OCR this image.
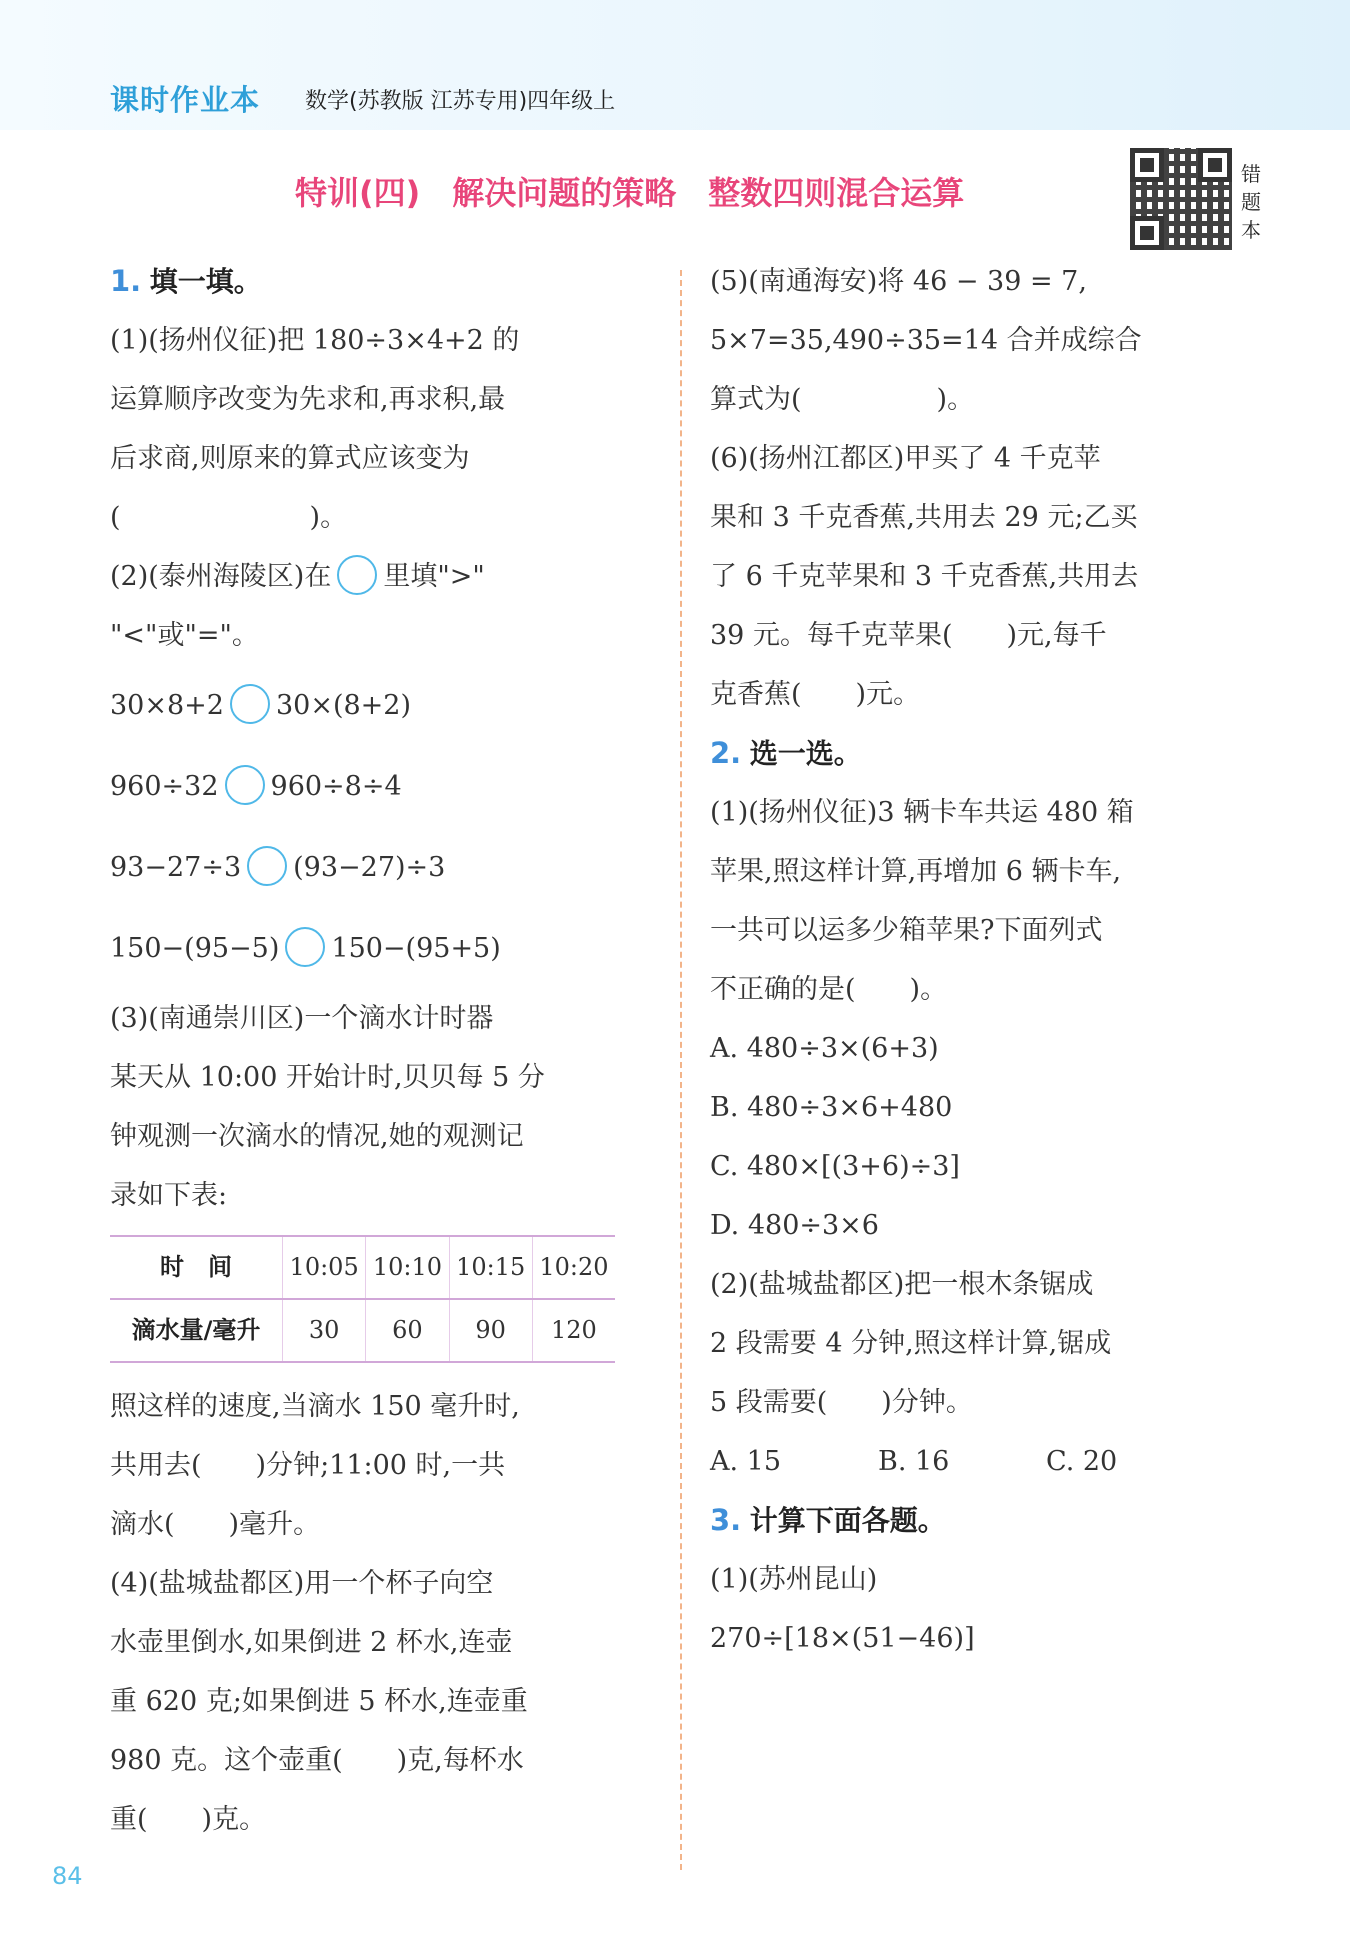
课时作业本 数学(苏教版 江苏专用)四年级上
特训(四)　解决问题的策略　整数四则混合运算	错
题
本
1. 填一填。
(1)(扬州仪征)把 180÷3×4+2 的
运算顺序改变为先求和,再求积,最
后求商,则原来的算式应该变为
(　　　　　　　)。
(2)(泰州海陵区)在 里填">"
"<"或"="。
30×8+2 30×(8+2)
960÷32 960÷8÷4
93−27÷3 (93−27)÷3
150−(95−5) 150−(95+5)
(3)(南通崇川区)一个滴水计时器
某天从 10:00 开始计时,贝贝每 5 分
钟观测一次滴水的情况,她的观测记
录如下表:
时　间	10:05	10:10	10:15	10:20
滴水量/毫升	30	60	90	120
照这样的速度,当滴水 150 毫升时,
共用去(　　)分钟;11:00 时,一共
滴水(　　)毫升。
(4)(盐城盐都区)用一个杯子向空
水壶里倒水,如果倒进 2 杯水,连壶
重 620 克;如果倒进 5 杯水,连壶重
980 克。这个壶重(　　)克,每杯水
重(　　)克。
(5)(南通海安)将 46 − 39 = 7,
5×7=35,490÷35=14 合并成综合
算式为(　　　　　)。
(6)(扬州江都区)甲买了 4 千克苹
果和 3 千克香蕉,共用去 29 元;乙买
了 6 千克苹果和 3 千克香蕉,共用去
39 元。每千克苹果(　　)元,每千
克香蕉(　　)元。
2. 选一选。
(1)(扬州仪征)3 辆卡车共运 480 箱
苹果,照这样计算,再增加 6 辆卡车,
一共可以运多少箱苹果?下面列式
不正确的是(　　)。
A. 480÷3×(6+3)
B. 480÷3×6+480
C. 480×[(3+6)÷3]
D. 480÷3×6
(2)(盐城盐都区)把一根木条锯成
2 段需要 4 分钟,照这样计算,锯成
5 段需要(　　)分钟。
A. 15	B. 16	C. 20
3. 计算下面各题。
(1)(苏州昆山)
270÷[18×(51−46)]
84
